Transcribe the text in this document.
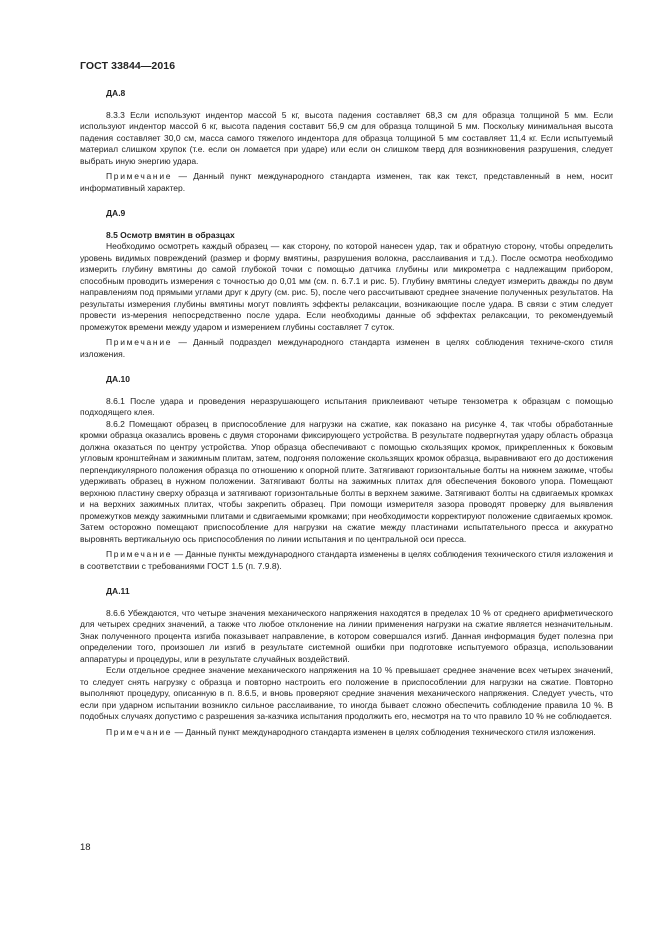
ГОСТ 33844—2016
ДА.8

8.3.3 Если используют индентор массой 5 кг, высота падения составляет 68,3 см для образца толщиной 5 мм. Если используют индентор массой 6 кг, высота падения составит 56,9 см для образца толщиной 5 мм. Поскольку минимальная высота падения составляет 30,0 см, масса самого тяжелого индентора для образца толщиной 5 мм составляет 11,4 кг. Если испытуемый материал слишком хрупок (т.е. если он ломается при ударе) или если он слишком тверд для возникновения разрушения, следует выбрать иную энергию удара.

Примечание — Данный пункт международного стандарта изменен, так как текст, представленный в нем, носит информативный характер.

ДА.9
8.5 Осмотр вмятин в образцах

Необходимо осмотреть каждый образец — как сторону, по которой нанесен удар, так и обратную сторону, чтобы определить уровень видимых повреждений (размер и форму вмятины, разрушения волокна, расслаивания и т.д.). После осмотра необходимо измерить глубину вмятины до самой глубокой точки с помощью датчика глубины или микрометра с надлежащим прибором, способным проводить измерения с точностью до 0,01 мм (см. п. 6.7.1 и рис. 5). Глубину вмятины следует измерить дважды по двум направлениям под прямыми углами друг к другу (см. рис. 5), после чего рассчитывают среднее значение полученных результатов. На результаты измерения глубины вмятины могут повлиять эффекты релаксации, возникающие после удара. В связи с этим следует провести из-мерения непосредственно после удара. Если необходимы данные об эффектах релаксации, то рекомендуемый промежуток времени между ударом и измерением глубины составляет 7 суток.

Примечание — Данный подраздел международного стандарта изменен в целях соблюдения техниче-ского стиля изложения.

ДА.10

8.6.1 После удара и проведения неразрушающего испытания приклеивают четыре тензометра к образцам с помощью подходящего клея.

8.6.2 Помещают образец в приспособление для нагрузки на сжатие, как показано на рисунке 4, так чтобы обработанные кромки образца оказались вровень с двумя сторонами фиксирующего устройства. В результате подвергнутая удару область образца должна оказаться по центру устройства. Упор образца обеспечивают с помощью скользящих кромок, прикрепленных к боковым угловым кронштейнам и зажимным плитам, затем, подгоняя положение скользящих кромок образца, выравнивают его до достижения перпендикулярного положения образца по отношению к опорной плите. Затягивают горизонтальные болты на нижнем зажиме, чтобы удерживать образец в нужном положении. Затягивают болты на зажимных плитах для обеспечения бокового упора. Помещают верхнюю пластину сверху образца и затягивают горизонтальные болты в верхнем зажиме. Затягивают болты на сдвигаемых кромках и на верхних зажимных плитах, чтобы закрепить образец. При помощи измерителя зазора проводят проверку для выявления промежутков между зажимными плитами и сдвигаемыми кромками; при необходимости корректируют положение сдвигаемых кромок. Затем осторожно помещают приспособление для нагрузки на сжатие между пластинами испытательного пресса и аккуратно выровнять вертикальную ось приспособления по линии испытания и по центральной оси пресса.

Примечание — Данные пункты международного стандарта изменены в целях соблюдения технического стиля изложения и в соответствии с требованиями ГОСТ 1.5 (п. 7.9.8).

ДА.11

8.6.6 Убеждаются, что четыре значения механического напряжения находятся в пределах 10 % от среднего арифметического для четырех средних значений, а также что любое отклонение на линии применения нагрузки на сжатие является незначительным. Знак полученного процента изгиба показывает направление, в котором совершался изгиб. Данная информация будет полезна при определении того, произошел ли изгиб в результате системной ошибки при подготовке испытуемого образца, использовании аппаратуры и процедуры, или в результате случайных воздействий.

Если отдельное среднее значение механического напряжения на 10 % превышает среднее значение всех четырех значений, то следует снять нагрузку с образца и повторно настроить его положение в приспособлении для нагрузки на сжатие. Повторно выполняют процедуру, описанную в п. 8.6.5, и вновь проверяют средние значения механического напряжения. Следует учесть, что если при ударном испытании возникло сильное расслаивание, то иногда бывает сложно обеспечить соблюдение правила 10 %. В подобных случаях допустимо с разрешения за-казчика испытания продолжить его, несмотря на то что правило 10 % не соблюдается.

Примечание — Данный пункт международного стандарта изменен в целях соблюдения технического стиля изложения.

18
